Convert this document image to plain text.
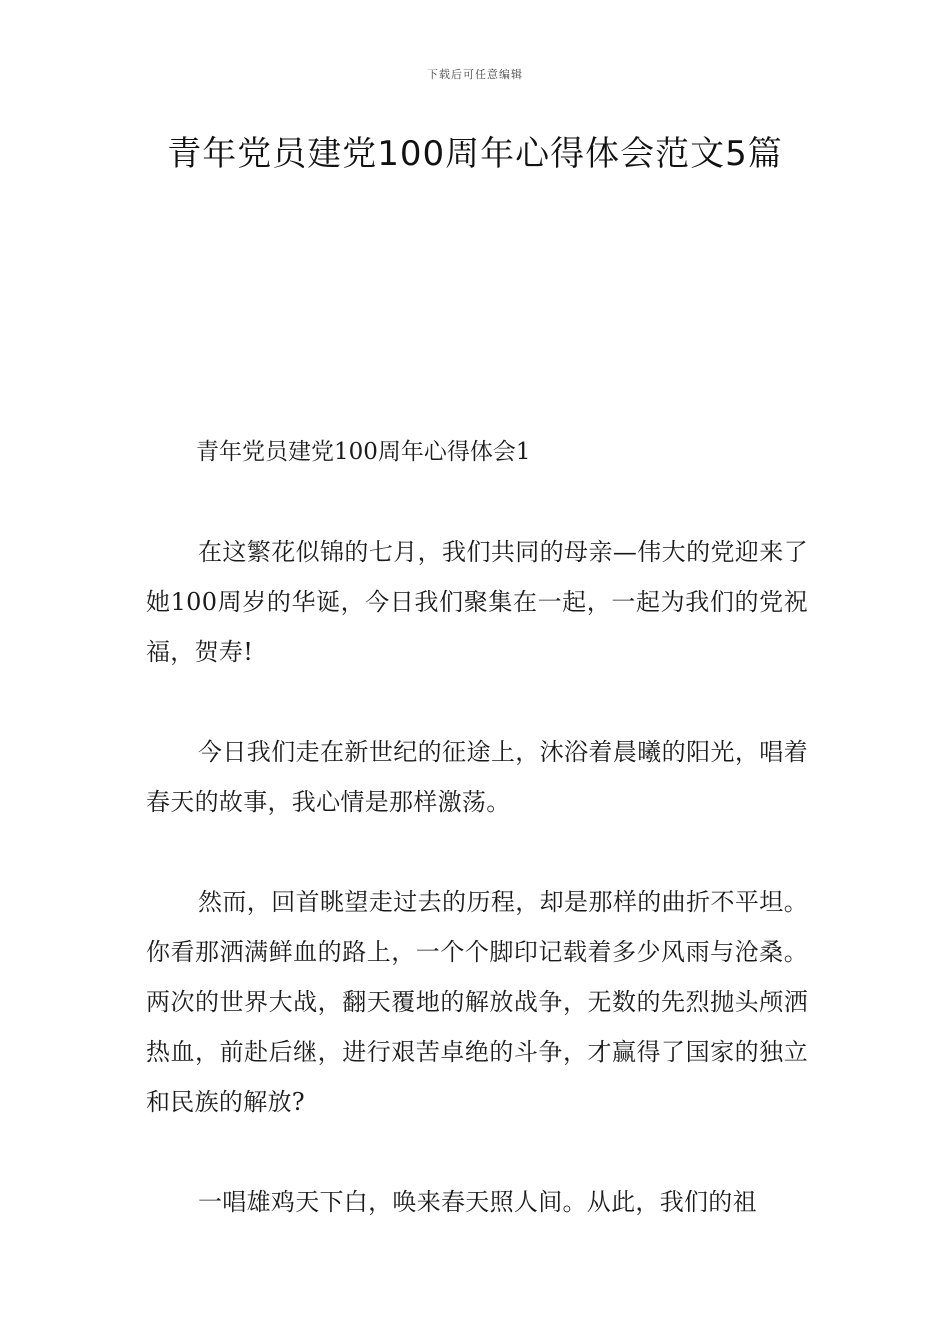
下载后可任意编辑
青年党员建党100周年心得体会范文5篇
青年党员建党100周年心得体会1

在这繁花似锦的七月，我们共同的母亲—伟大的党迎来了她100周岁的华诞，今日我们聚集在一起，一起为我们的党祝福，贺寿!

今日我们走在新世纪的征途上，沐浴着晨曦的阳光，唱着春天的故事，我心情是那样激荡。

然而，回首眺望走过去的历程，却是那样的曲折不平坦。你看那洒满鲜血的路上，一个个脚印记载着多少风雨与沧桑。两次的世界大战，翻天覆地的解放战争，无数的先烈抛头颅洒热血，前赴后继，进行艰苦卓绝的斗争，才赢得了国家的独立和民族的解放?

一唱雄鸡天下白，唤来春天照人间。从此，我们的祖
